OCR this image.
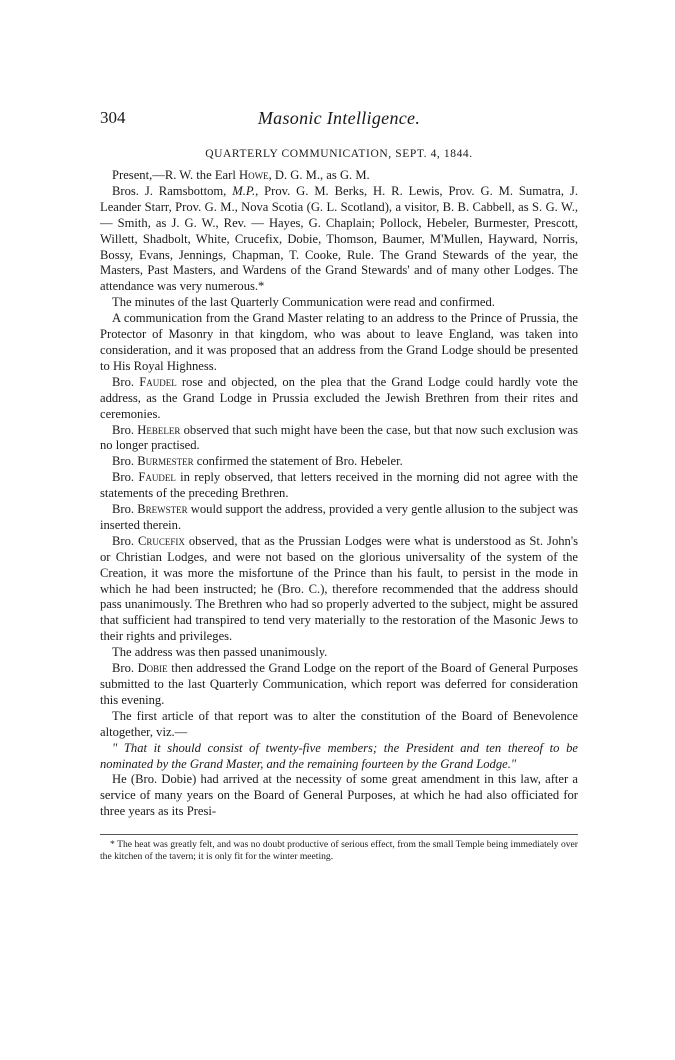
304	Masonic Intelligence.
QUARTERLY COMMUNICATION, SEPT. 4, 1844.

Present,—R. W. the Earl Howe, D. G. M., as G. M.

Bros. J. Ramsbottom, M.P., Prov. G. M. Berks, H. R. Lewis, Prov. G. M. Sumatra, J. Leander Starr, Prov. G. M., Nova Scotia (G. L. Scotland), a visitor, B. B. Cabbell, as S. G. W., — Smith, as J. G. W., Rev. — Hayes, G. Chaplain; Pollock, Hebeler, Burmester, Prescott, Willett, Shadbolt, White, Crucefix, Dobie, Thomson, Baumer, M'Mullen, Hayward, Norris, Bossy, Evans, Jennings, Chapman, T. Cooke, Rule. The Grand Stewards of the year, the Masters, Past Masters, and Wardens of the Grand Stewards' and of many other Lodges. The attendance was very numerous.*

The minutes of the last Quarterly Communication were read and confirmed.

A communication from the Grand Master relating to an address to the Prince of Prussia, the Protector of Masonry in that kingdom, who was about to leave England, was taken into consideration, and it was proposed that an address from the Grand Lodge should be presented to His Royal Highness.

Bro. Faudel rose and objected, on the plea that the Grand Lodge could hardly vote the address, as the Grand Lodge in Prussia excluded the Jewish Brethren from their rites and ceremonies.

Bro. Hebeler observed that such might have been the case, but that now such exclusion was no longer practised.

Bro. Burmester confirmed the statement of Bro. Hebeler.

Bro. Faudel in reply observed, that letters received in the morning did not agree with the statements of the preceding Brethren.

Bro. Brewster would support the address, provided a very gentle allusion to the subject was inserted therein.

Bro. Crucefix observed, that as the Prussian Lodges were what is understood as St. John's or Christian Lodges, and were not based on the glorious universality of the system of the Creation, it was more the misfortune of the Prince than his fault, to persist in the mode in which he had been instructed; he (Bro. C.), therefore recommended that the address should pass unanimously. The Brethren who had so properly adverted to the subject, might be assured that sufficient had transpired to tend very materially to the restoration of the Masonic Jews to their rights and privileges.

The address was then passed unanimously.

Bro. Dobie then addressed the Grand Lodge on the report of the Board of General Purposes submitted to the last Quarterly Communication, which report was deferred for consideration this evening.

The first article of that report was to alter the constitution of the Board of Benevolence altogether, viz.—

" That it should consist of twenty-five members; the President and ten thereof to be nominated by the Grand Master, and the remaining fourteen by the Grand Lodge."

He (Bro. Dobie) had arrived at the necessity of some great amendment in this law, after a service of many years on the Board of General Purposes, at which he had also officiated for three years as its Presi-

* The heat was greatly felt, and was no doubt productive of serious effect, from the small Temple being immediately over the kitchen of the tavern; it is only fit for the winter meeting.
